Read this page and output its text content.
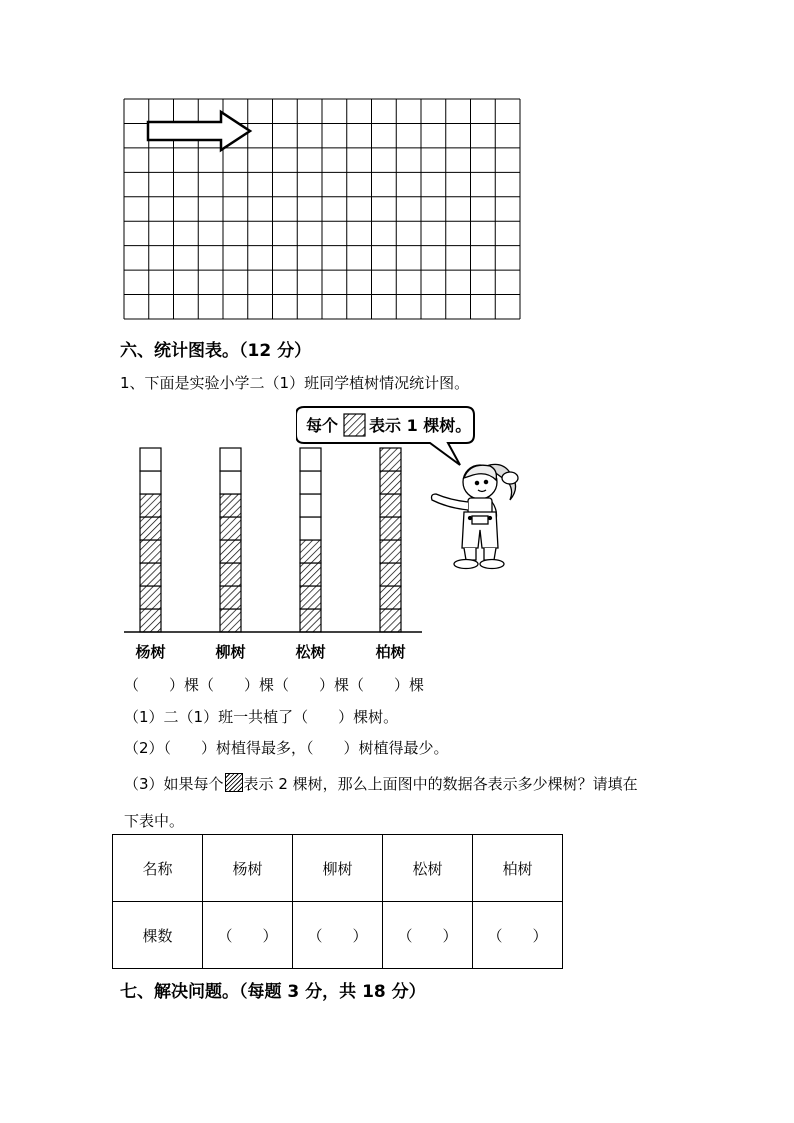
六、统计图表。（12 分）
1、下面是实验小学二（1）班同学植树情况统计图。
杨树	柳树	松树	柏树
每个 表示 1 棵树。
（　　）棵（　　）棵（　　）棵（　　）棵
（1）二（1）班一共植了（　　）棵树。
（2）（　　）树植得最多，（　　）树植得最少。
（3）如果每个 表示 2 棵树，那么上面图中的数据各表示多少棵树？请填在
下表中。
名称	杨树	柳树	松树	柏树
棵数	（　　）	（　　）	（　　）	（　　）
七、解决问题。（每题 3 分，共 18 分）
